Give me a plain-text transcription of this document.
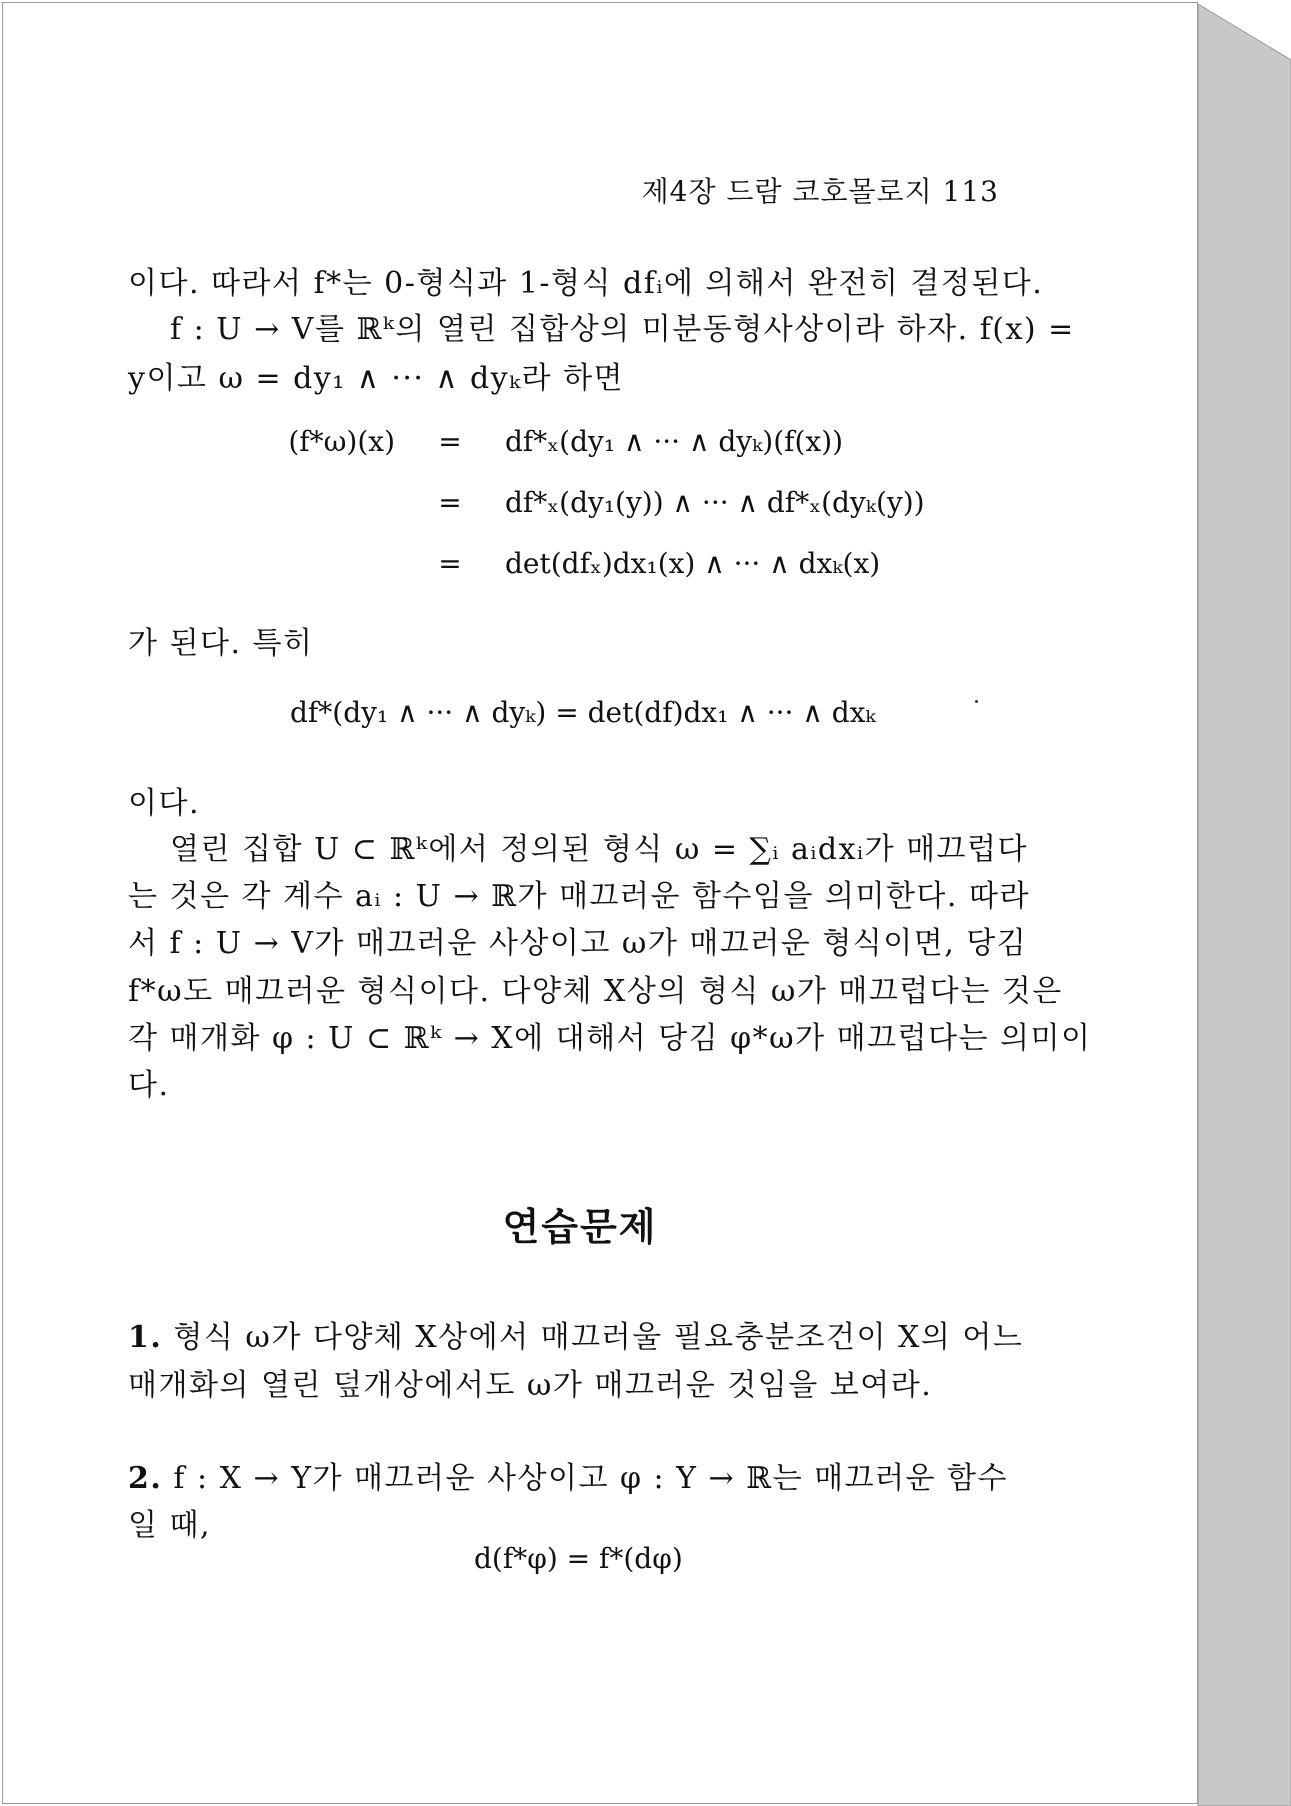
제4장 드람 코호몰로지 113
이다. 따라서 f*는 0-형식과 1-형식 dfᵢ에 의해서 완전히 결정된다.
f : U → V를 ℝᵏ의 열린 집합상의 미분동형사상이라 하자. f(x) =
y이고 ω = dy₁ ∧ ··· ∧ dyₖ라 하면
(f*ω)(x)	=	df*ₓ(dy₁ ∧ ··· ∧ dyₖ)(f(x))
	=	df*ₓ(dy₁(y)) ∧ ··· ∧ df*ₓ(dyₖ(y))
	=	det(dfₓ)dx₁(x) ∧ ··· ∧ dxₖ(x)
가 된다. 특히
df*(dy₁ ∧ ··· ∧ dyₖ) = det(df)dx₁ ∧ ··· ∧ dxₖ
이다.
열린 집합 U ⊂ ℝᵏ에서 정의된 형식 ω = ∑ᵢ aᵢdxᵢ가 매끄럽다
는 것은 각 계수 aᵢ : U → ℝ가 매끄러운 함수임을 의미한다. 따라
서 f : U → V가 매끄러운 사상이고 ω가 매끄러운 형식이면, 당김
f*ω도 매끄러운 형식이다. 다양체 X상의 형식 ω가 매끄럽다는 것은
각 매개화 φ : U ⊂ ℝᵏ → X에 대해서 당김 φ*ω가 매끄럽다는 의미이
다.
연습문제
1. 형식 ω가 다양체 X상에서 매끄러울 필요충분조건이 X의 어느
매개화의 열린 덮개상에서도 ω가 매끄러운 것임을 보여라.
2. f : X → Y가 매끄러운 사상이고 φ : Y → ℝ는 매끄러운 함수
일 때,
d(f*φ) = f*(dφ)
